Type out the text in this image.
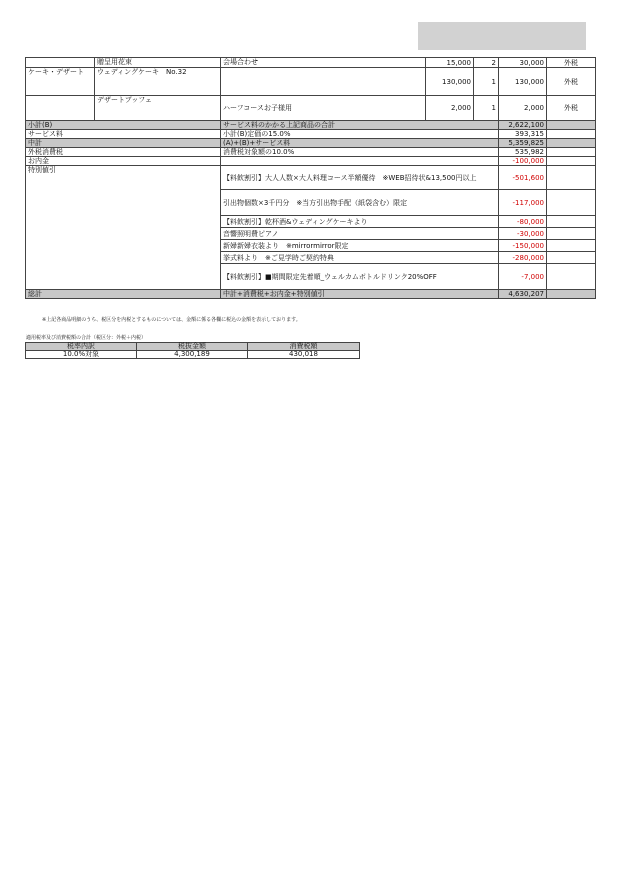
	贈呈用花束	会場合わせ	15,000	2	30,000	外税
ケーキ・デザート	ウェディングケーキ　No.32		130,000	1	130,000	外税
	デザートブッフェ	ハーフコースお子様用	2,000	1	2,000	外税
小計(B)		サービス料のかかる上記商品の合計			2,622,100	
サービス料		小計(B)定価の15.0%			393,315	
中計		(A)+(B)+サービス料			5,359,825	
外税消費税		消費税対象額の10.0%			535,982	
お内金					-100,000	
特別値引		【料飲割引】大人人数×大人料理コース半額優待　※WEB招待状&13,500円以上			-501,600	
		引出物個数×3千円分　※当方引出物手配（紙袋含む）限定			-117,000	
		【料飲割引】乾杯酒&ウェディングケーキより			-80,000	
		音響照明費ピアノ			-30,000	
		新婦新婦衣装より　※mirrormirror限定			-150,000	
		挙式料より　※ご見学時ご契約特典			-280,000	
		【料飲割引】■期間限定先着順_ウェルカムボトルドリンク20%OFF			-7,000	
総計		中計+消費税+お内金+特別値引			4,630,207	
※上記各商品明細のうち、税区分を内税とするものについては、金額に係る各欄に税込の金額を表示しております。
適用税率及び消費税額の合計（税区分：外税＋内税）
税率内訳	税抜金額	消費税額
10.0%対象	4,300,189	430,018
